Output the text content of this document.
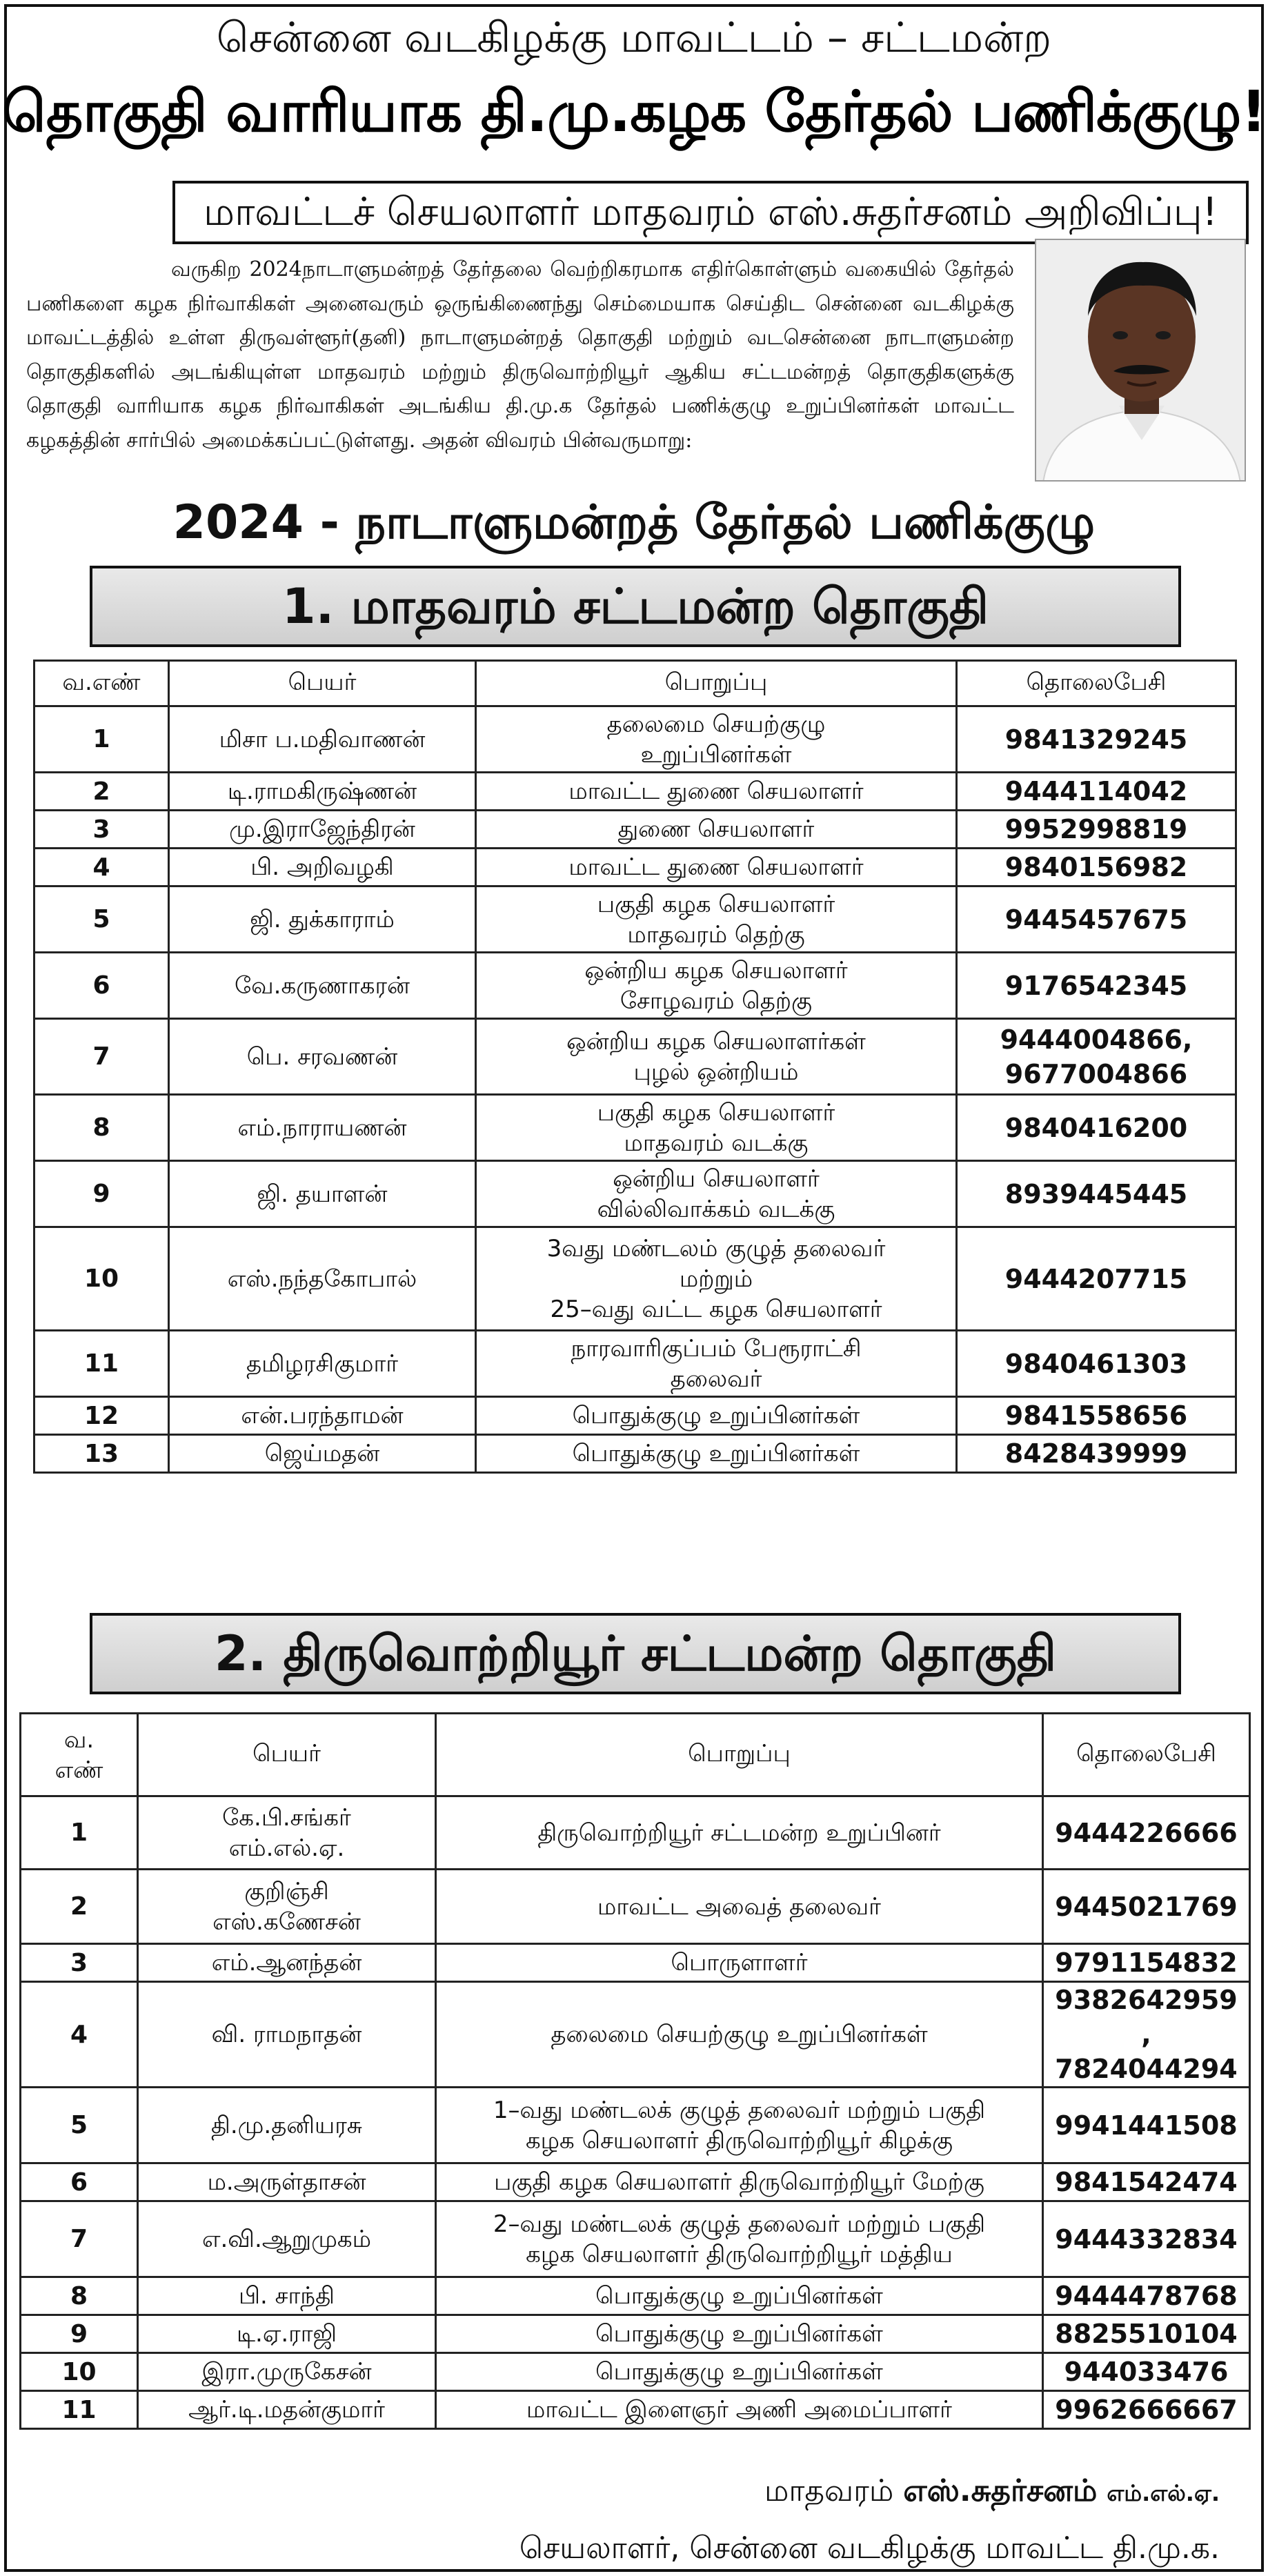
சென்னை வடகிழக்கு மாவட்டம் – சட்டமன்ற
தொகுதி வாரியாக தி.மு.கழக தேர்தல் பணிக்குழு!
மாவட்டச் செயலாளர் மாதவரம் எஸ்.சுதர்சனம் அறிவிப்பு!

வருகிற 2024நாடாளுமன்றத் தேர்தலை வெற்றிகரமாக எதிர்கொள்ளும் வகையில் தேர்தல் பணிகளை கழக நிர்வாகிகள் அனைவரும் ஒருங்கிணைந்து செம்மையாக செய்திட சென்னை வடகிழக்கு மாவட்டத்தில் உள்ள திருவள்ளூர்(தனி) நாடாளுமன்றத் தொகுதி மற்றும் வடசென்னை நாடாளுமன்ற தொகுதிகளில் அடங்கியுள்ள மாதவரம் மற்றும் திருவொற்றியூர் ஆகிய சட்டமன்றத் தொகுதிகளுக்கு தொகுதி வாரியாக கழக நிர்வாகிகள் அடங்கிய தி.மு.க தேர்தல் பணிக்குழு உறுப்பினர்கள் மாவட்ட கழகத்தின் சார்பில் அமைக்கப்பட்டுள்ளது. அதன் விவரம் பின்வருமாறு:

2024 - நாடாளுமன்றத் தேர்தல் பணிக்குழு
1. மாதவரம் சட்டமன்ற தொகுதி
வ.எண்	பெயர்	பொறுப்பு	தொலைபேசி
1	மிசா ப.மதிவாணன்	தலைமை செயற்குழு
உறுப்பினர்கள்	9841329245
2	டி.ராமகிருஷ்ணன்	மாவட்ட துணை செயலாளர்	9444114042
3	மு.இராஜேந்திரன்	துணை செயலாளர்	9952998819
4	பி. அறிவழகி	மாவட்ட துணை செயலாளர்	9840156982
5	ஜி. துக்காராம்	பகுதி கழக செயலாளர்
மாதவரம் தெற்கு	9445457675
6	வே.கருணாகரன்	ஒன்றிய கழக செயலாளர்
சோழவரம் தெற்கு	9176542345
7	பெ. சரவணன்	ஒன்றிய கழக செயலாளர்கள்
புழல் ஒன்றியம்	9444004866,
9677004866
8	எம்.நாராயணன்	பகுதி கழக செயலாளர்
மாதவரம் வடக்கு	9840416200
9	ஜி. தயாளன்	ஒன்றிய செயலாளர்
வில்லிவாக்கம் வடக்கு	8939445445
10	எஸ்.நந்தகோபால்	3வது மண்டலம் குழுத் தலைவர்
மற்றும்
25–வது வட்ட கழக செயலாளர்	9444207715
11	தமிழரசிகுமார்	நாரவாரிகுப்பம் பேரூராட்சி
தலைவர்	9840461303
12	என்.பரந்தாமன்	பொதுக்குழு உறுப்பினர்கள்	9841558656
13	ஜெய்மதன்	பொதுக்குழு உறுப்பினர்கள்	8428439999
2. திருவொற்றியூர் சட்டமன்ற தொகுதி
வ.
எண்	பெயர்	பொறுப்பு	தொலைபேசி
1	கே.பி.சங்கர்
எம்.எல்.ஏ.	திருவொற்றியூர் சட்டமன்ற உறுப்பினர்	9444226666
2	குறிஞ்சி
எஸ்.கணேசன்	மாவட்ட அவைத் தலைவர்	9445021769
3	எம்.ஆனந்தன்	பொருளாளர்	9791154832
4	வி. ராமநாதன்	தலைமை செயற்குழு உறுப்பினர்கள்	9382642959 ,
7824044294
5	தி.மு.தனியரசு	1–வது மண்டலக் குழுத் தலைவர் மற்றும் பகுதி
கழக செயலாளர் திருவொற்றியூர் கிழக்கு	9941441508
6	ம.அருள்தாசன்	பகுதி கழக செயலாளர் திருவொற்றியூர் மேற்கு	9841542474
7	எ.வி.ஆறுமுகம்	2–வது மண்டலக் குழுத் தலைவர் மற்றும் பகுதி
கழக செயலாளர் திருவொற்றியூர் மத்திய	9444332834
8	பி. சாந்தி	பொதுக்குழு உறுப்பினர்கள்	9444478768
9	டி.ஏ.ராஜி	பொதுக்குழு உறுப்பினர்கள்	8825510104
10	இரா.முருகேசன்	பொதுக்குழு உறுப்பினர்கள்	944033476
11	ஆர்.டி.மதன்குமார்	மாவட்ட இளைஞர் அணி அமைப்பாளர்	9962666667
மாதவரம் எஸ்.சுதர்சனம் எம்.எல்.ஏ.
செயலாளர், சென்னை வடகிழக்கு மாவட்ட தி.மு.க.
